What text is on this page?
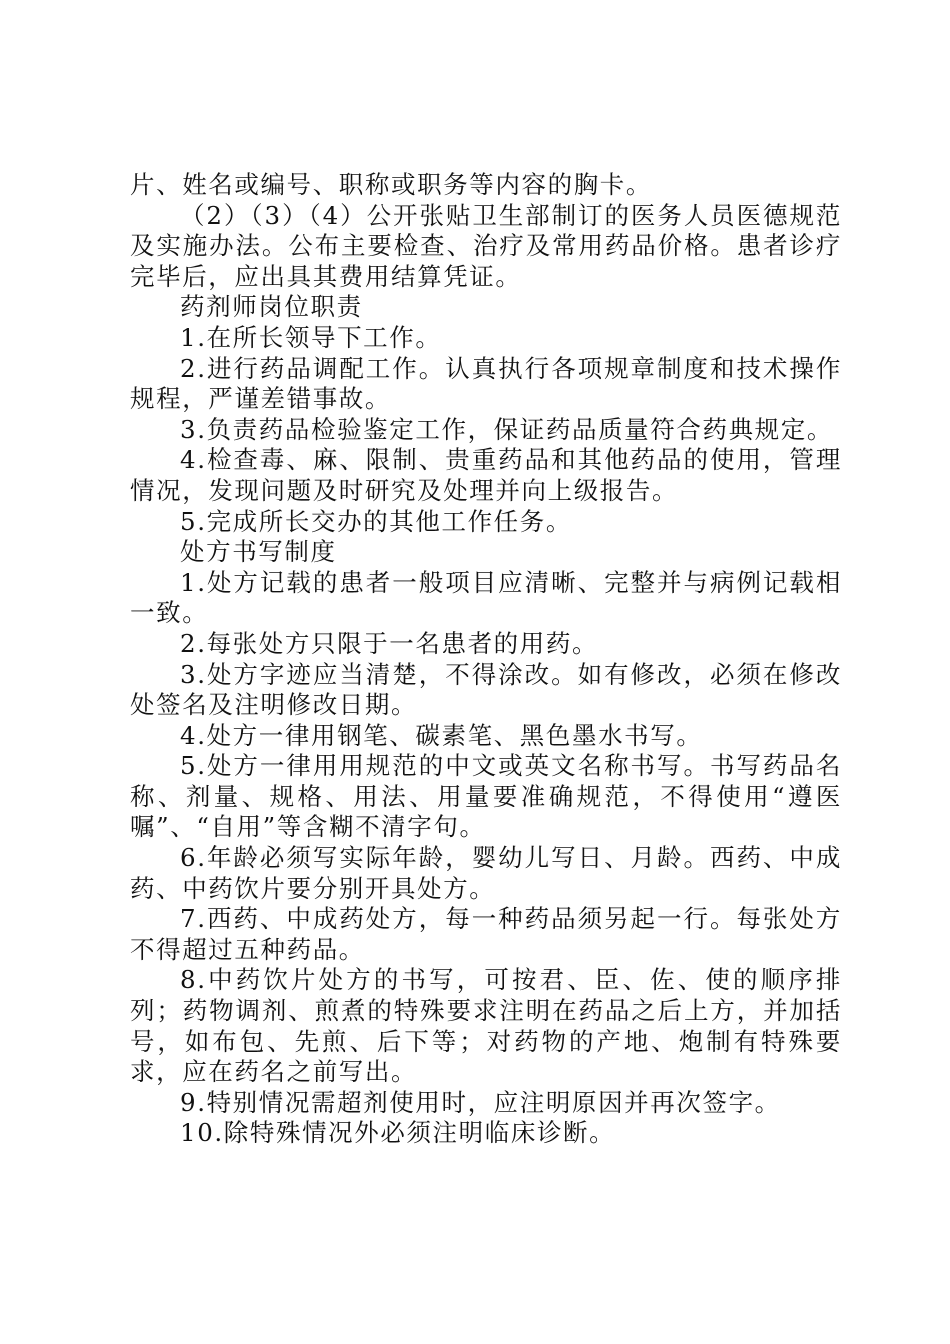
片、姓名或编号、职称或职务等内容的胸卡。

（2）（3）（4）公开张贴卫生部制订的医务人员医德规范及实施办法。公布主要检查、治疗及常用药品价格。患者诊疗完毕后，应出具其费用结算凭证。

药剂师岗位职责

1.在所长领导下工作。

2.进行药品调配工作。认真执行各项规章制度和技术操作规程，严谨差错事故。

3.负责药品检验鉴定工作，保证药品质量符合药典规定。

4.检查毒、麻、限制、贵重药品和其他药品的使用，管理情况，发现问题及时研究及处理并向上级报告。

5.完成所长交办的其他工作任务。

处方书写制度

1.处方记载的患者一般项目应清晰、完整并与病例记载相一致。

2.每张处方只限于一名患者的用药。

3.处方字迹应当清楚，不得涂改。如有修改，必须在修改处签名及注明修改日期。

4.处方一律用钢笔、碳素笔、黑色墨水书写。

5.处方一律用用规范的中文或英文名称书写。书写药品名称、剂量、规格、用法、用量要准确规范，不得使用“遵医嘱”、“自用”等含糊不清字句。

6.年龄必须写实际年龄，婴幼儿写日、月龄。西药、中成药、中药饮片要分别开具处方。

7.西药、中成药处方，每一种药品须另起一行。每张处方不得超过五种药品。

8.中药饮片处方的书写，可按君、臣、佐、使的顺序排列；药物调剂、煎煮的特殊要求注明在药品之后上方，并加括号，如布包、先煎、后下等；对药物的产地、炮制有特殊要求，应在药名之前写出。

9.特别情况需超剂使用时，应注明原因并再次签字。

10.除特殊情况外必须注明临床诊断。
